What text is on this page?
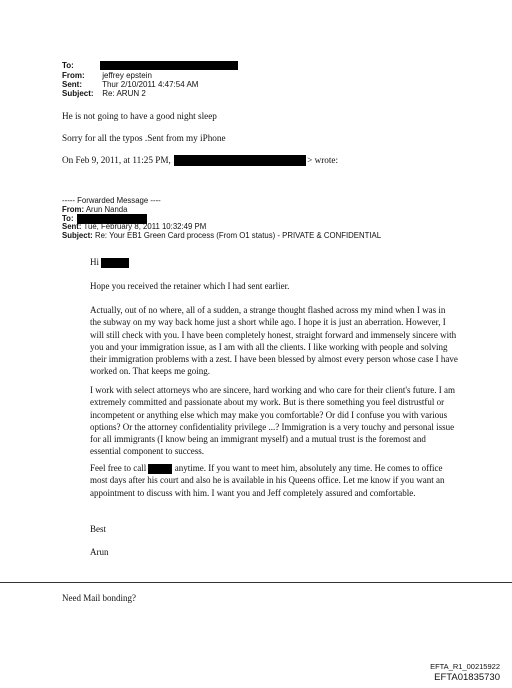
To:
From: jeffrey epstein
Sent:	Thur 2/10/2011 4:47:54 AM
Subject: Re: ARUN 2
He is not going to have a good night sleep
Sorry for all the typos .Sent from my iPhone
On Feb 9, 2011, at 11:25 PM,	> wrote:
----- Forwarded Message ----
From: Arun Nanda
To:
Sent: Tue, February 8, 2011 10:32:49 PM
Subject: Re: Your EB1 Green Card process (From O1 status) - PRIVATE & CONFIDENTIAL
Hi
Hope you received the retainer which I had sent earlier.
Actually, out of no where, all of a sudden, a strange thought flashed across my mind when I was in the subway on my way back home just a short while ago. I hope it is just an aberration. However, I will still check with you. I have been completely honest, straight forward and immensely sincere with you and your immigration issue, as I am with all the clients. I like working with people and solving their immigration problems with a zest. I have been blessed by almost every person whose case I have worked on. That keeps me going.
I work with select attorneys who are sincere, hard working and who care for their client's future. I am extremely committed and passionate about my work. But is there something you feel distrustful or incompetent or anything else which may make you comfortable? Or did I confuse you with various options? Or the attorney confidentiality privilege ...? Immigration is a very touchy and personal issue for all immigrants (I know being an immigrant myself) and a mutual trust is the foremost and essential component to success.
Feel free to call	anytime. If you want to meet him, absolutely any time. He comes to office most days after his court and also he is available in his Queens office. Let me know if you want an appointment to discuss with him. I want you and Jeff completely assured and comfortable.
Best
Arun
Need Mail bonding?
EFTA_R1_00215922
EFTA01835730
